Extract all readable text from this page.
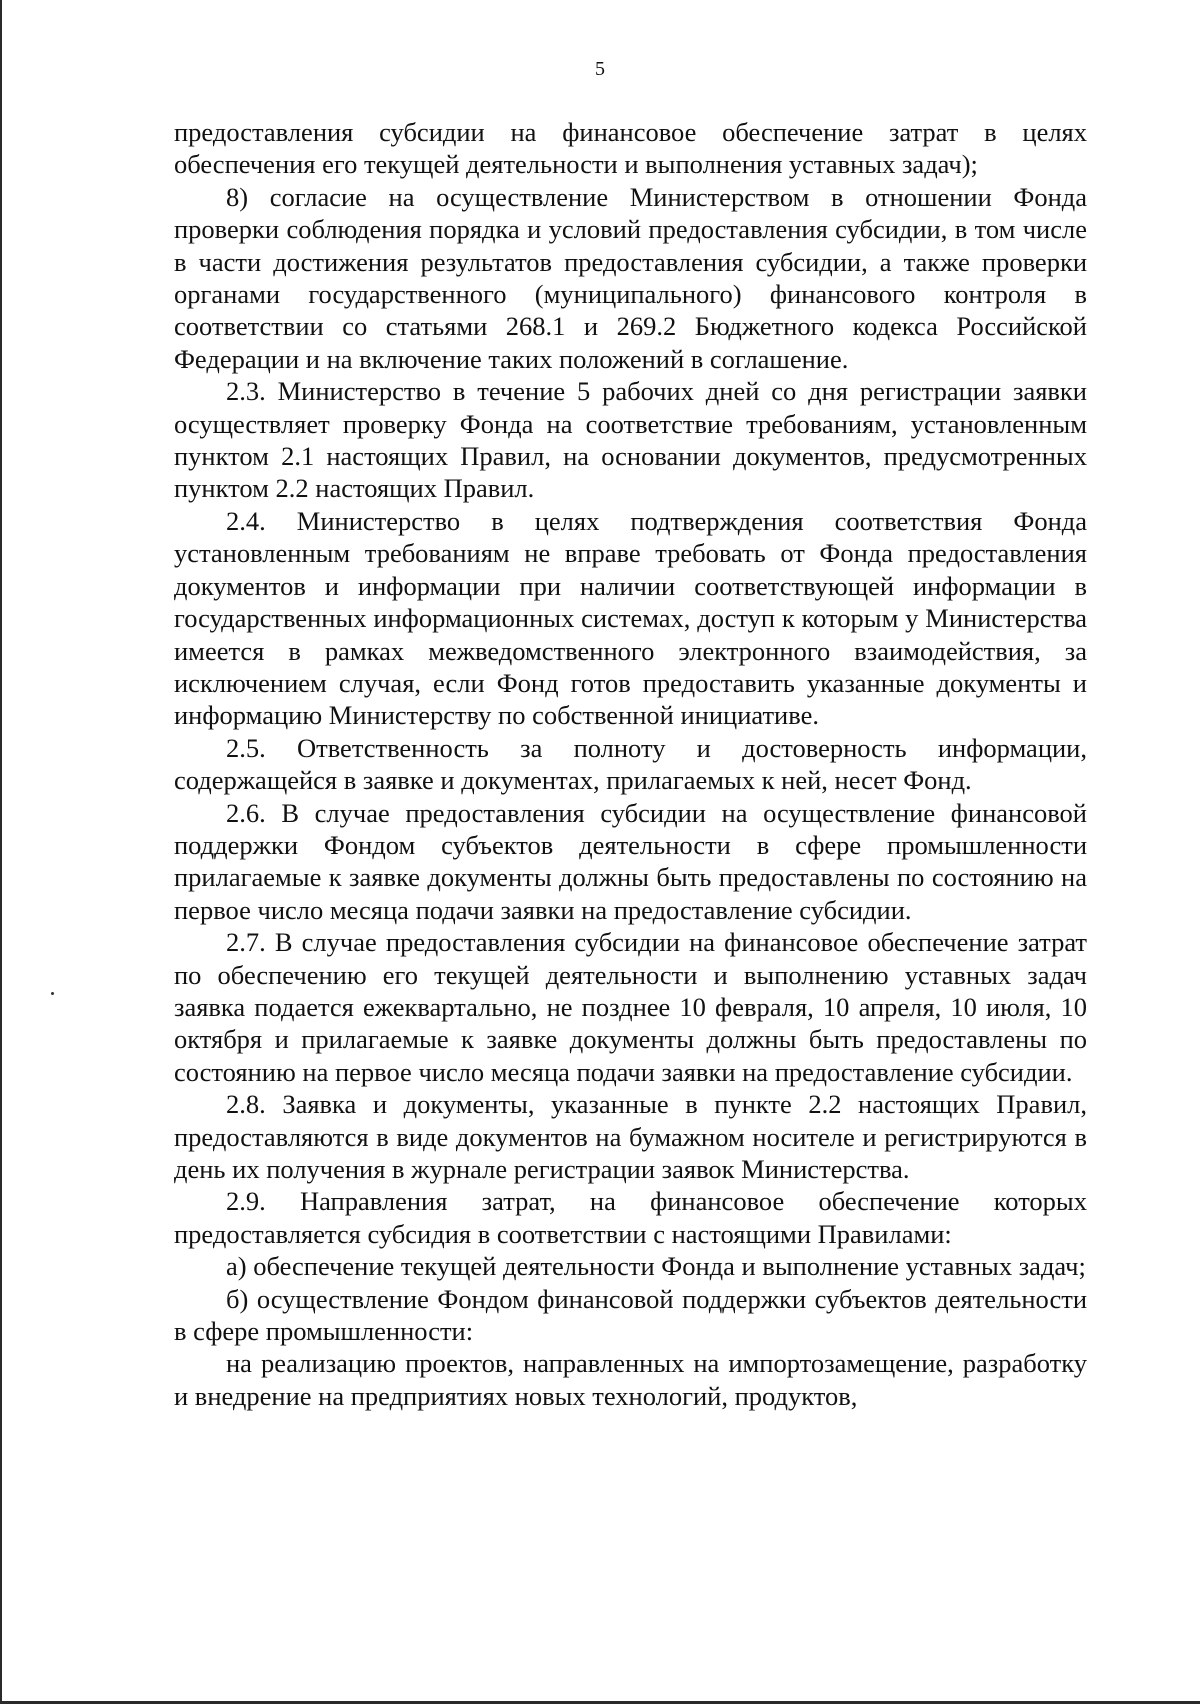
5

предоставления субсидии на финансовое обеспечение затрат в целях обеспечения его текущей деятельности и выполнения уставных задач);

8) согласие на осуществление Министерством в отношении Фонда проверки соблюдения порядка и условий предоставления субсидии, в том числе в части достижения результатов предоставления субсидии, а также проверки органами государственного (муниципального) финансового контроля в соответствии со статьями 268.1 и 269.2 Бюджетного кодекса Российской Федерации и на включение таких положений в соглашение.

2.3. Министерство в течение 5 рабочих дней со дня регистрации заявки осуществляет проверку Фонда на соответствие требованиям, установленным пунктом 2.1 настоящих Правил, на основании документов, предусмотренных пунктом 2.2 настоящих Правил.

2.4. Министерство в целях подтверждения соответствия Фонда установленным требованиям не вправе требовать от Фонда предоставления документов и информации при наличии соответствующей информации в государственных информационных системах, доступ к которым у Министерства имеется в рамках межведомственного электронного взаимодействия, за исключением случая, если Фонд готов предоставить указанные документы и информацию Министерству по собственной инициативе.

2.5. Ответственность за полноту и достоверность информации, содержащейся в заявке и документах, прилагаемых к ней, несет Фонд.

2.6. В случае предоставления субсидии на осуществление финансовой поддержки Фондом субъектов деятельности в сфере промышленности прилагаемые к заявке документы должны быть предоставлены по состоянию на первое число месяца подачи заявки на предоставление субсидии.

2.7. В случае предоставления субсидии на финансовое обеспечение затрат по обеспечению его текущей деятельности и выполнению уставных задач заявка подается ежеквартально, не позднее 10 февраля, 10 апреля, 10 июля, 10 октября и прилагаемые к заявке документы должны быть предоставлены по состоянию на первое число месяца подачи заявки на предоставление субсидии.

2.8. Заявка и документы, указанные в пункте 2.2 настоящих Правил, предоставляются в виде документов на бумажном носителе и регистрируются в день их получения в журнале регистрации заявок Министерства.

2.9. Направления затрат, на финансовое обеспечение которых предоставляется субсидия в соответствии с настоящими Правилами:

а) обеспечение текущей деятельности Фонда и выполнение уставных задач;

б) осуществление Фондом финансовой поддержки субъектов деятельности в сфере промышленности:

на реализацию проектов, направленных на импортозамещение, разработку и внедрение на предприятиях новых технологий, продуктов,
